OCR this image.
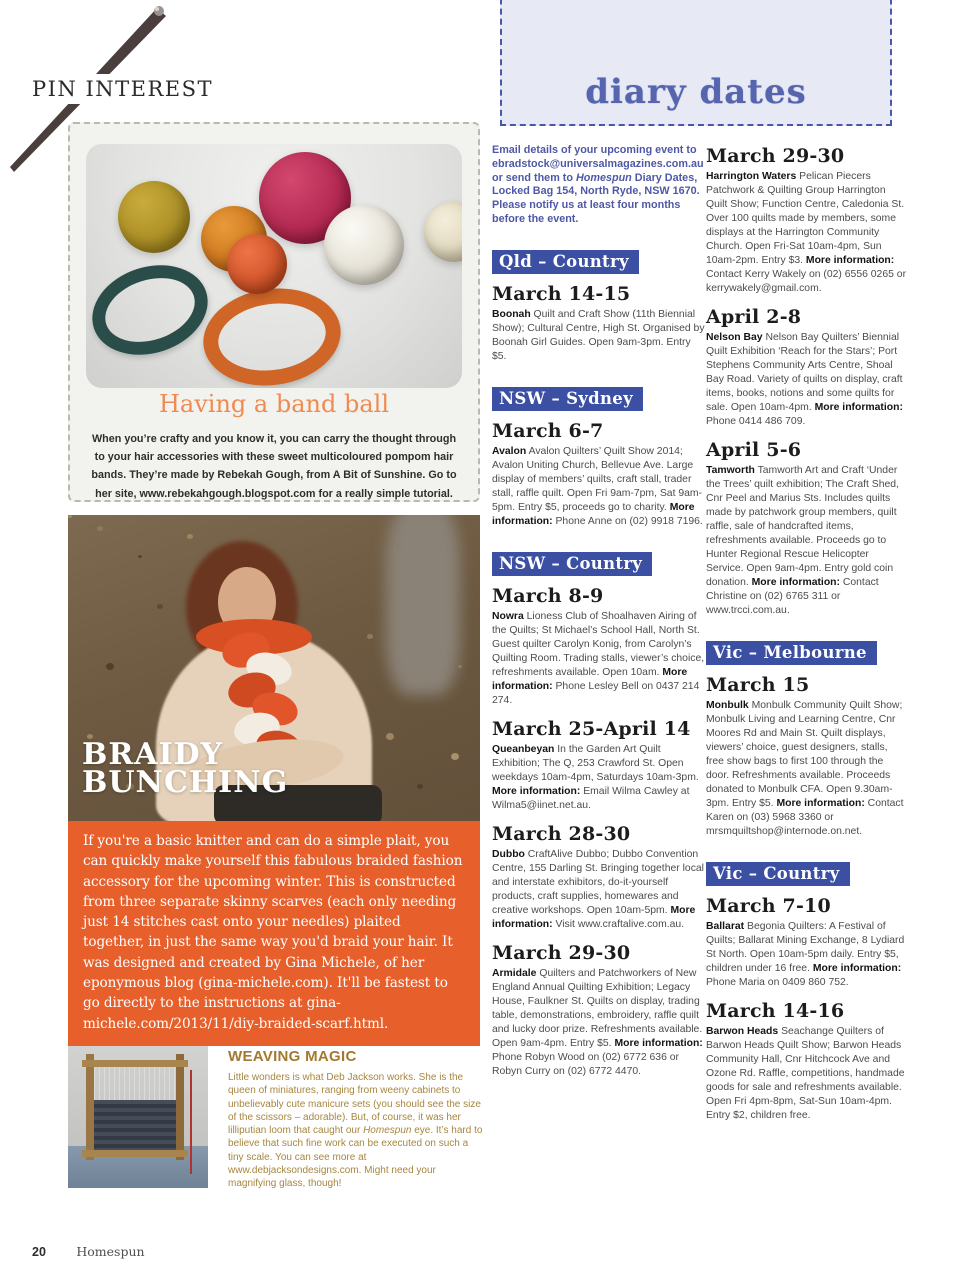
PIN INTEREST
Having a band ball

When you’re crafty and you know it, you can carry the thought through to your hair accessories with these sweet multicoloured pompom hair bands. They’re made by Rebekah Gough, from A Bit of Sunshine. Go to her site, www.rebekahgough.blogspot.com for a really simple tutorial.

BRAIDY
BUNCHING

If you're a basic knitter and can do a simple plait, you can quickly make yourself this fabulous braided fashion accessory for the upcoming winter. This is constructed from three separate skinny scarves (each only needing just 14 stitches cast onto your needles) plaited together, in just the same way you'd braid your hair. It was designed and created by Gina Michele, of her eponymous blog (gina-michele.com). It'll be fastest to go directly to the instructions at gina-michele.com/2013/11/diy-braided-scarf.html.

WEAVING MAGIC

Little wonders is what Deb Jackson works. She is the queen of miniatures, ranging from weeny cabinets to unbelievably cute manicure sets (you should see the size of the scissors – adorable). But, of course, it was her lilliputian loom that caught our Homespun eye. It’s hard to believe that such fine work can be executed on such a tiny scale. You can see more at www.debjacksondesigns.com. Might need your magnifying glass, though!

diary dates

Email details of your upcoming event to ebradstock@universalmagazines.com.au or send them to Homespun Diary Dates, Locked Bag 154, North Ryde, NSW 1670. Please notify us at least four months before the event.

Qld – Country
March 14-15

Boonah Quilt and Craft Show (11th Biennial Show); Cultural Centre, High St. Organised by Boonah Girl Guides. Open 9am-3pm. Entry $5.

NSW – Sydney
March 6-7

Avalon Avalon Quilters’ Quilt Show 2014; Avalon Uniting Church, Bellevue Ave. Large display of members’ quilts, craft stall, trader stall, raffle quilt. Open Fri 9am-7pm, Sat 9am-5pm. Entry $5, proceeds go to charity. More information: Phone Anne on (02) 9918 7196.

NSW – Country
March 8-9

Nowra Lioness Club of Shoalhaven Airing of the Quilts; St Michael’s School Hall, North St. Guest quilter Carolyn Konig, from Carolyn’s Quilting Room. Trading stalls, viewer’s choice, refreshments available. Open 10am. More information: Phone Lesley Bell on 0437 214 274.

March 25-April 14

Queanbeyan In the Garden Art Quilt Exhibition; The Q, 253 Crawford St. Open weekdays 10am-4pm, Saturdays 10am-3pm. More information: Email Wilma Cawley at Wilma5@iinet.net.au.

March 28-30

Dubbo CraftAlive Dubbo; Dubbo Convention Centre, 155 Darling St. Bringing together local and interstate exhibitors, do-it-yourself products, craft supplies, homewares and creative workshops. Open 10am-5pm. More information: Visit www.craftalive.com.au.

March 29-30

Armidale Quilters and Patchworkers of New England Annual Quilting Exhibition; Legacy House, Faulkner St. Quilts on display, trading table, demonstrations, embroidery, raffle quilt and lucky door prize. Refreshments available. Open 9am-4pm. Entry $5. More information: Phone Robyn Wood on (02) 6772 636 or Robyn Curry on (02) 6772 4470.

March 29-30

Harrington Waters Pelican Piecers Patchwork & Quilting Group Harrington Quilt Show; Function Centre, Caledonia St. Over 100 quilts made by members, some displays at the Harrington Community Church. Open Fri-Sat 10am-4pm, Sun 10am-2pm. Entry $3. More information: Contact Kerry Wakely on (02) 6556 0265 or kerrywakely@gmail.com.

April 2-8

Nelson Bay Nelson Bay Quilters’ Biennial Quilt Exhibition ‘Reach for the Stars’; Port Stephens Community Arts Centre, Shoal Bay Road. Variety of quilts on display, craft items, books, notions and some quilts for sale. Open 10am-4pm. More information: Phone 0414 486 709.

April 5-6

Tamworth Tamworth Art and Craft ‘Under the Trees’ quilt exhibition; The Craft Shed, Cnr Peel and Marius Sts. Includes quilts made by patchwork group members, quilt raffle, sale of handcrafted items, refreshments available. Proceeds go to Hunter Regional Rescue Helicopter Service. Open 9am-4pm. Entry gold coin donation. More information: Contact Christine on (02) 6765 311 or www.trcci.com.au.

Vic – Melbourne
March 15

Monbulk Monbulk Community Quilt Show; Monbulk Living and Learning Centre, Cnr Moores Rd and Main St. Quilt displays, viewers’ choice, guest designers, stalls, free show bags to first 100 through the door. Refreshments available. Proceeds donated to Monbulk CFA. Open 9.30am-3pm. Entry $5. More information: Contact Karen on (03) 5968 3360 or mrsmquiltshop@internode.on.net.

Vic – Country
March 7-10

Ballarat Begonia Quilters: A Festival of Quilts; Ballarat Mining Exchange, 8 Lydiard St North. Open 10am-5pm daily. Entry $5, children under 16 free. More information: Phone Maria on 0409 860 752.

March 14-16

Barwon Heads Seachange Quilters of Barwon Heads Quilt Show; Barwon Heads Community Hall, Cnr Hitchcock Ave and Ozone Rd. Raffle, competitions, handmade goods for sale and refreshments available. Open Fri 4pm-8pm, Sat-Sun 10am-4pm. Entry $2, children free.

20 Homespun
